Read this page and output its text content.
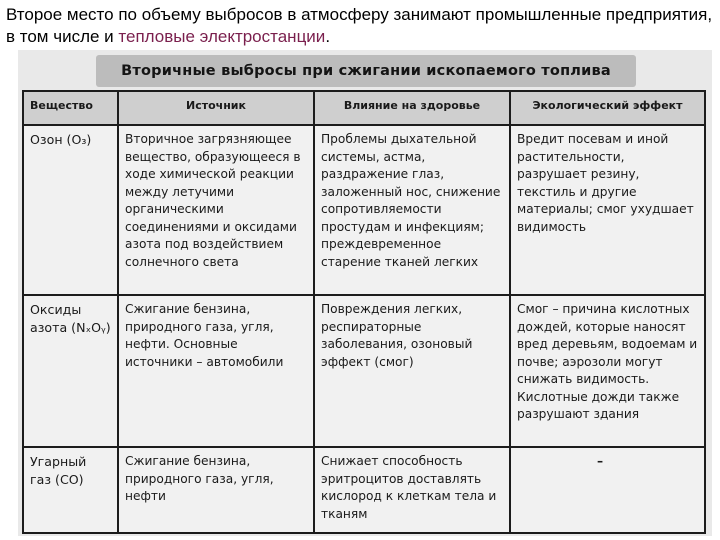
Второе место по объему выбросов в атмосферу занимают промышленные предприятия, в том числе и тепловые электростанции.
Вторичные выбросы при сжигании ископаемого топлива
Вещество	Источник	Влияние на здоровье	Экологический эффект
Озон (O₃)	Вторичное загрязняющее вещество, образующееся в ходе химической реакции между летучими органическими соединениями и оксидами азота под воздействием солнечного света	Проблемы дыхательной системы, астма, раздражение глаз, заложенный нос, снижение сопротивляемости простудам и инфекциям; преждевременное старение тканей легких	Вредит посевам и иной растительности, разрушает резину, текстиль и другие материалы; смог ухудшает видимость
Оксиды азота (NₓOᵧ)	Сжигание бензина, природного газа, угля, нефти. Основные источники – автомобили	Повреждения легких, респираторные заболевания, озоновый эффект (смог)	Смог – причина кислотных дождей, которые наносят вред деревьям, водоемам и почве; аэрозоли могут снижать видимость. Кислотные дожди также разрушают здания
Угарный газ (CO)	Сжигание бензина, природного газа, угля, нефти	Снижает способность эритроцитов доставлять кислород к клеткам тела и тканям	–
